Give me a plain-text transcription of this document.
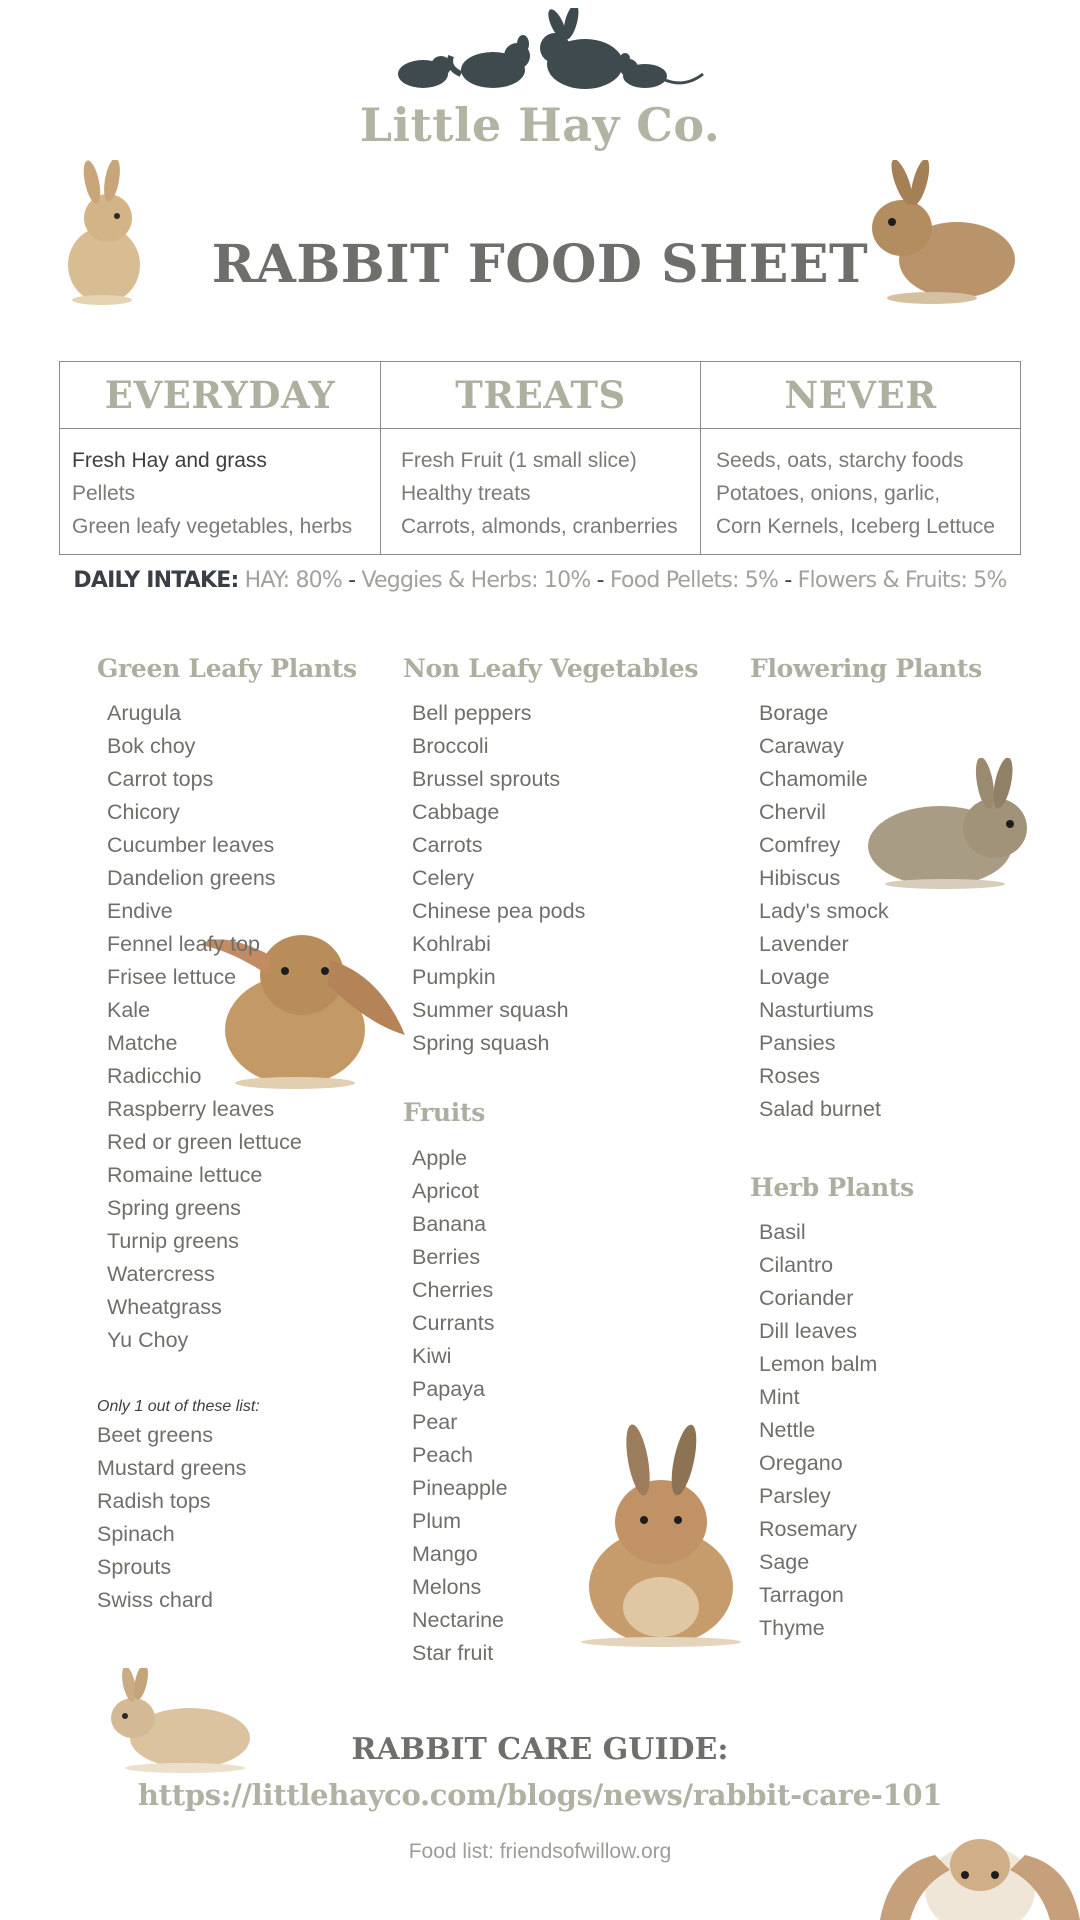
Little Hay Co.
RABBIT FOOD SHEET
EVERYDAY
Fresh Hay and grass
Pellets
Green leafy vegetables, herbs
TREATS
Fresh Fruit (1 small slice)
Healthy treats
Carrots, almonds, cranberries
NEVER
Seeds, oats, starchy foods
Potatoes, onions, garlic,
Corn Kernels, Iceberg Lettuce
DAILY INTAKE: HAY: 80% - Veggies & Herbs: 10% - Food Pellets: 5% - Flowers & Fruits: 5%
Green Leafy Plants
Arugula
Bok choy
Carrot tops
Chicory
Cucumber leaves
Dandelion greens
Endive
Fennel leafy top
Frisee lettuce
Kale
Matche
Radicchio
Raspberry leaves
Red or green lettuce
Romaine lettuce
Spring greens
Turnip greens
Watercress
Wheatgrass
Yu Choy
Only 1 out of these list:
Beet greens
Mustard greens
Radish tops
Spinach
Sprouts
Swiss chard
Non Leafy Vegetables
Bell peppers
Broccoli
Brussel sprouts
Cabbage
Carrots
Celery
Chinese pea pods
Kohlrabi
Pumpkin
Summer squash
Spring squash
Fruits
Apple
Apricot
Banana
Berries
Cherries
Currants
Kiwi
Papaya
Pear
Peach
Pineapple
Plum
Mango
Melons
Nectarine
Star fruit
Flowering Plants
Borage
Caraway
Chamomile
Chervil
Comfrey
Hibiscus
Lady's smock
Lavender
Lovage
Nasturtiums
Pansies
Roses
Salad burnet
Herb Plants
Basil
Cilantro
Coriander
Dill leaves
Lemon balm
Mint
Nettle
Oregano
Parsley
Rosemary
Sage
Tarragon
Thyme
RABBIT CARE GUIDE:
https://littlehayco.com/blogs/news/rabbit-care-101
Food list: friendsofwillow.org
